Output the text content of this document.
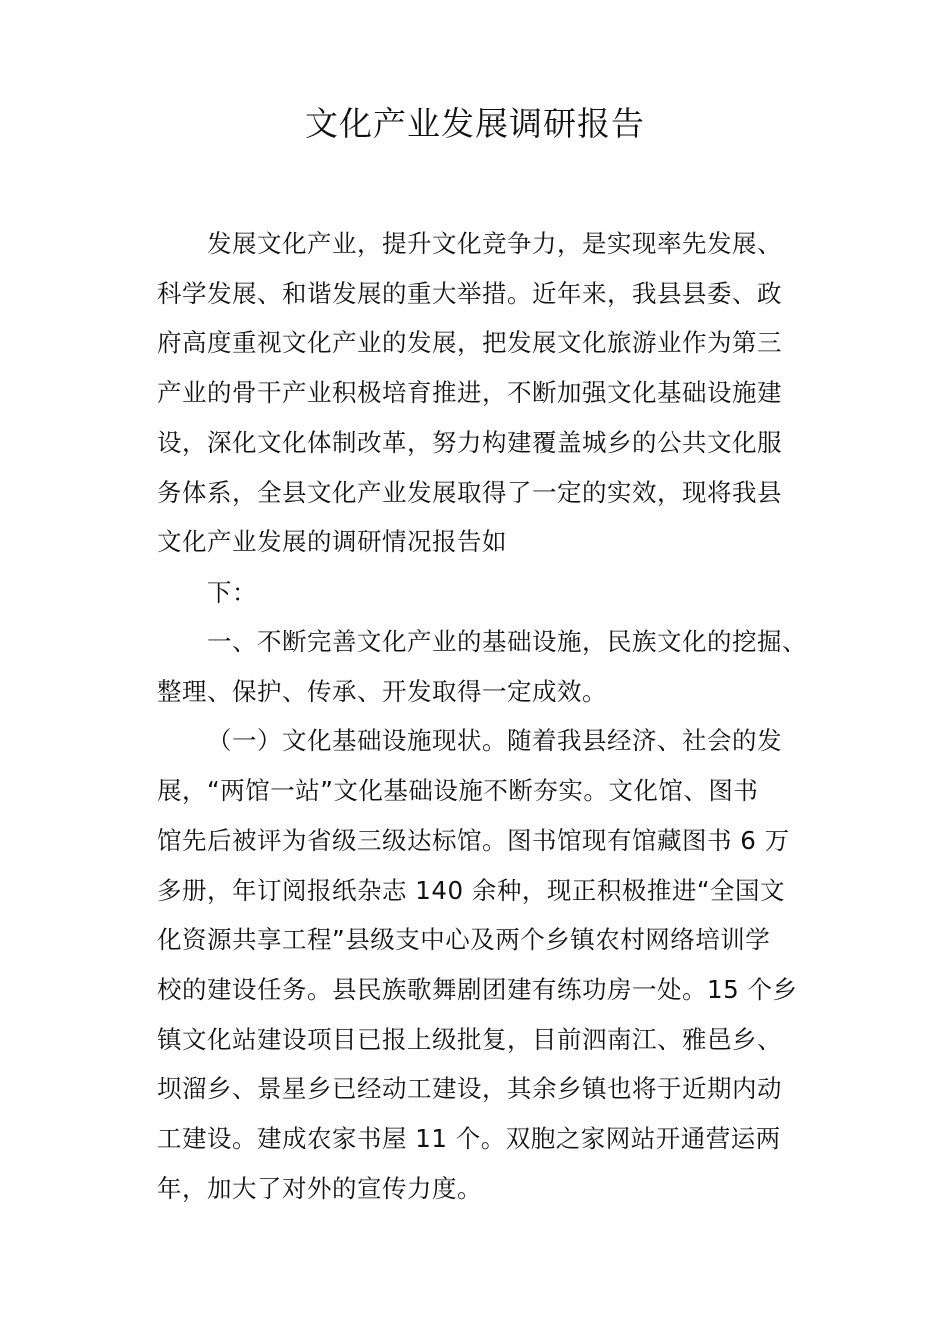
文化产业发展调研报告
发展文化产业，提升文化竞争力，是实现率先发展、
科学发展、和谐发展的重大举措。近年来，我县县委、政
府高度重视文化产业的发展，把发展文化旅游业作为第三
产业的骨干产业积极培育推进，不断加强文化基础设施建
设，深化文化体制改革，努力构建覆盖城乡的公共文化服
务体系，全县文化产业发展取得了一定的实效，现将我县
文化产业发展的调研情况报告如
下：
一、不断完善文化产业的基础设施，民族文化的挖掘、
整理、保护、传承、开发取得一定成效。
（一）文化基础设施现状。随着我县经济、社会的发
展，“两馆一站”文化基础设施不断夯实。文化馆、图书
馆先后被评为省级三级达标馆。图书馆现有馆藏图书 6 万
多册，年订阅报纸杂志 140 余种，现正积极推进“全国文
化资源共享工程”县级支中心及两个乡镇农村网络培训学
校的建设任务。县民族歌舞剧团建有练功房一处。15 个乡
镇文化站建设项目已报上级批复，目前泗南江、雅邑乡、
坝溜乡、景星乡已经动工建设，其余乡镇也将于近期内动
工建设。建成农家书屋 11 个。双胞之家网站开通营运两
年，加大了对外的宣传力度。
